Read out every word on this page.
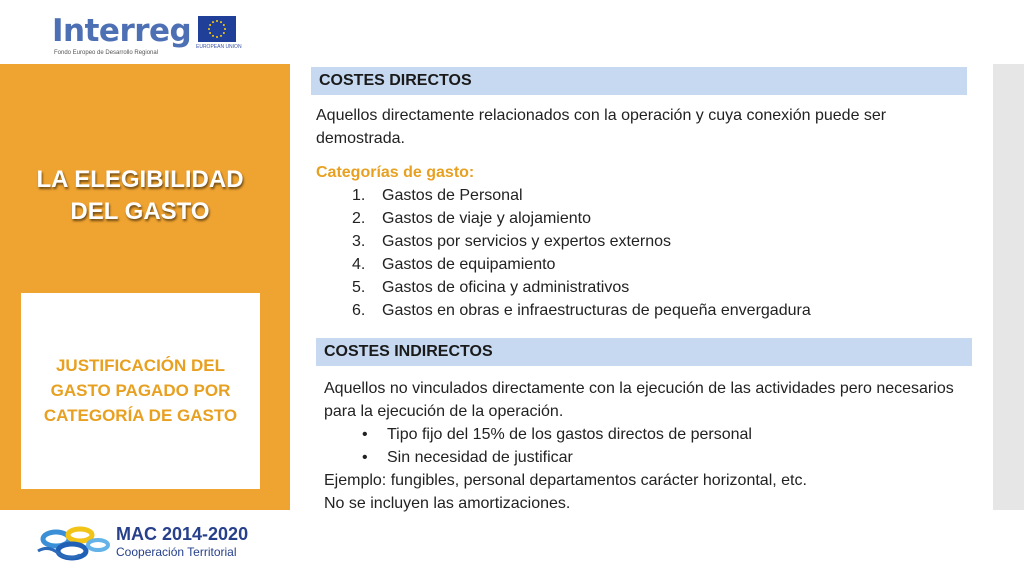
Interreg
Fondo Europeo de Desarrollo Regional
EUROPEAN UNION
LA ELEGIBILIDAD
DEL GASTO
JUSTIFICACIÓN DEL
GASTO PAGADO POR
CATEGORÍA DE GASTO
COSTES DIRECTOS
Aquellos directamente relacionados con la operación y cuya conexión puede ser demostrada.
Categorías de gasto:
1.	Gastos de Personal
2.	Gastos de viaje y alojamiento
3.	Gastos por servicios y expertos externos
4.	Gastos de equipamiento
5.	Gastos de oficina y administrativos
6.	Gastos en obras e infraestructuras de pequeña envergadura
COSTES INDIRECTOS
Aquellos no vinculados directamente con la ejecución de las actividades pero necesarios para la ejecución de la operación.
•	Tipo fijo del 15% de los gastos directos de personal
•	Sin necesidad de justificar
Ejemplo: fungibles, personal departamentos carácter horizontal, etc.
No se incluyen las amortizaciones.
MAC 2014-2020
Cooperación Territorial
